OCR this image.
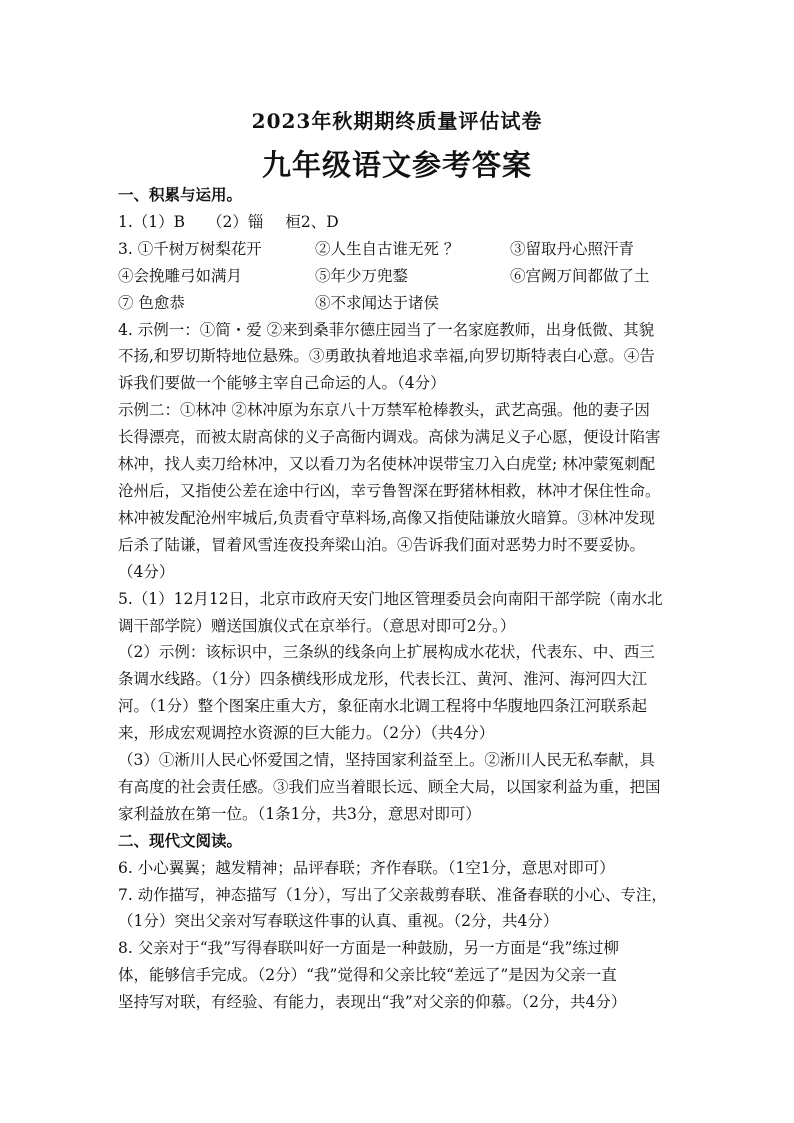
2023年秋期期终质量评估试卷
九年级语文参考答案

一、积累与运用。

1.（1）B （2）锱 桓2、D

3. ①千树万树梨花开	②人生自古谁无死 ？	③留取丹心照汗青
④会挽雕弓如满月	⑤年少万兜鍪	⑥宫阙万间都做了土
⑦ 色愈恭	⑧不求闻达于诸侯

4. 示例一：①简・爱 ②来到桑菲尔德庄园当了一名家庭教师，出身低微、其貌

不扬,和罗切斯特地位悬殊。③勇敢执着地追求幸福,向罗切斯特表白心意。④告

诉我们要做一个能够主宰自己命运的人。（4分）

示例二：①林冲 ②林冲原为东京八十万禁军枪棒教头，武艺高强。他的妻子因

长得漂亮，而被太尉高俅的义子高衙内调戏。高俅为满足义子心愿，便设计陷害

林冲，找人卖刀给林冲，又以看刀为名使林冲误带宝刀入白虎堂; 林冲蒙冤刺配

沧州后，又指使公差在途中行凶，幸亏鲁智深在野猪林相救，林冲才保住性命。

林冲被发配沧州牢城后,负责看守草料场,高像又指使陆谦放火暗算。③林冲发现

后杀了陆谦，冒着风雪连夜投奔梁山泊。④告诉我们面对恶势力时不要妥协。

（4分）

5.（1）12月12日，北京市政府天安门地区管理委员会向南阳干部学院（南水北

调干部学院）赠送国旗仪式在京举行。（意思对即可2分。）

（2）示例：该标识中，三条纵的线条向上扩展构成水花状，代表东、中、西三

条调水线路。（1分）四条横线形成龙形，代表长江、黄河、淮河、海河四大江

河。（1分）整个图案庄重大方，象征南水北调工程将中华腹地四条江河联系起

来，形成宏观调控水资源的巨大能力。（2分）（共4分）

（3）①淅川人民心怀爱国之情，坚持国家利益至上。②淅川人民无私奉献，具

有高度的社会责任感。③我们应当着眼长远、顾全大局，以国家利益为重，把国

家利益放在第一位。（1条1分，共3分，意思对即可）

二、现代文阅读。

6. 小心翼翼；越发精神；品评春联；齐作春联。（1空1分，意思对即可）

7. 动作描写，神态描写（1分），写出了父亲裁剪春联、准备春联的小心、专注，

（1分）突出父亲对写春联这件事的认真、重视。（2分，共4分）

8. 父亲对于“我”写得春联叫好一方面是一种鼓励，另一方面是“我”练过柳

体，能够信手完成。（2分）“我”觉得和父亲比较“差远了”是因为父亲一直

坚持写对联，有经验、有能力，表现出“我”对父亲的仰慕。（2分，共4分）
